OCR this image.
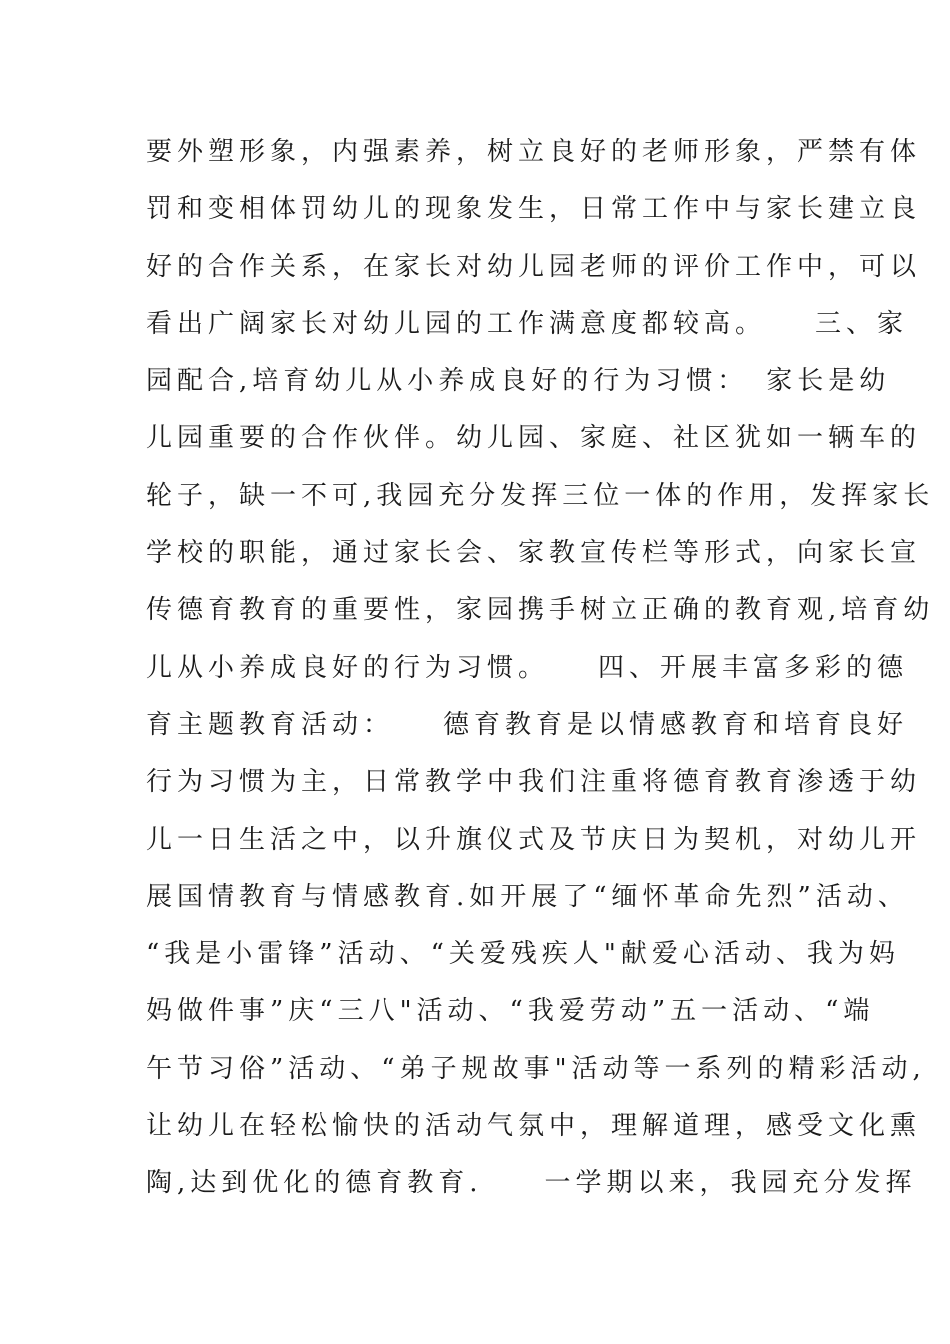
要外塑形象，内强素养，树立良好的老师形象，严禁有体
罚和变相体罚幼儿的现象发生，日常工作中与家长建立良
好的合作关系，在家长对幼儿园老师的评价工作中，可以
看出广阔家长对幼儿园的工作满意度都较高。　　三、家
园配合,培育幼儿从小养成良好的行为习惯：　家长是幼
儿园重要的合作伙伴。幼儿园、家庭、社区犹如一辆车的
轮子，缺一不可,我园充分发挥三位一体的作用，发挥家长
学校的职能，通过家长会、家教宣传栏等形式，向家长宣
传德育教育的重要性，家园携手树立正确的教育观,培育幼
儿从小养成良好的行为习惯。　　四、开展丰富多彩的德
育主题教育活动：　　德育教育是以情感教育和培育良好
行为习惯为主，日常教学中我们注重将德育教育渗透于幼
儿一日生活之中，以升旗仪式及节庆日为契机，对幼儿开
展国情教育与情感教育.如开展了“缅怀革命先烈”活动、
“我是小雷锋”活动、“关爱残疾人"献爱心活动、我为妈
妈做件事”庆“三八"活动、“我爱劳动”五一活动、“端
午节习俗”活动、“弟子规故事"活动等一系列的精彩活动,
让幼儿在轻松愉快的活动气氛中，理解道理，感受文化熏
陶,达到优化的德育教育.　　一学期以来，我园充分发挥
